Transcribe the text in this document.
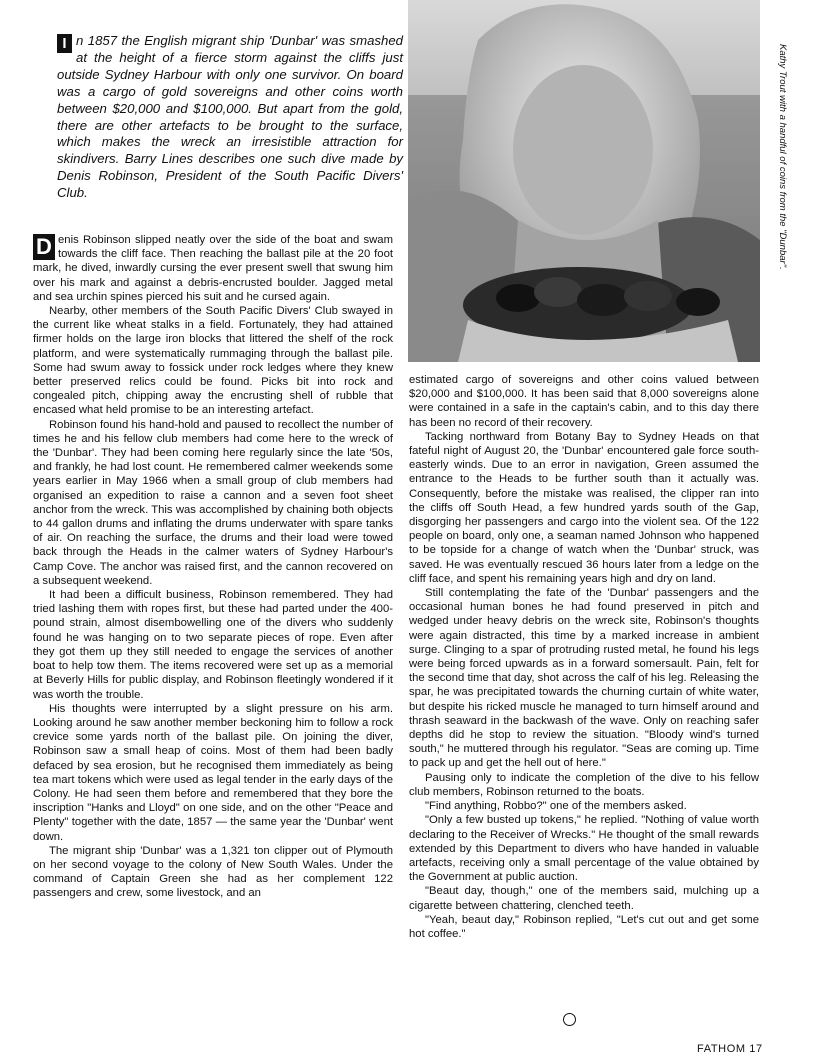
I n 1857 the English migrant ship 'Dunbar' was smashed at the height of a fierce storm against the cliffs just outside Sydney Harbour with only one survivor. On board was a cargo of gold sovereigns and other coins worth between $20,000 and $100,000. But apart from the gold, there are other artefacts to be brought to the surface, which makes the wreck an irresistible attraction for skindivers. Barry Lines describes one such dive made by Denis Robinson, President of the South Pacific Divers' Club.	Kathy Trout with a handful of coins from the "Dunbar".

D enis Robinson slipped neatly over the side of the boat and swam towards the cliff face. Then reaching the ballast pile at the 20 foot mark, he dived, inwardly cursing the ever present swell that swung him over his mark and against a debris-encrusted boulder. Jagged metal and sea urchin spines pierced his suit and he cursed again.

Nearby, other members of the South Pacific Divers' Club swayed in the current like wheat stalks in a field. Fortunately, they had attained firmer holds on the large iron blocks that littered the shelf of the rock platform, and were systematically rummaging through the ballast pile. Some had swum away to fossick under rock ledges where they knew better preserved relics could be found. Picks bit into rock and congealed pitch, chipping away the encrusting shell of rubble that encased what held promise to be an interesting artefact.

Robinson found his hand-hold and paused to recollect the number of times he and his fellow club members had come here to the wreck of the 'Dunbar'. They had been coming here regularly since the late '50s, and frankly, he had lost count. He remembered calmer weekends some years earlier in May 1966 when a small group of club members had organised an expedition to raise a cannon and a seven foot sheet anchor from the wreck. This was accomplished by chaining both objects to 44 gallon drums and inflating the drums underwater with spare tanks of air. On reaching the surface, the drums and their load were towed back through the Heads in the calmer waters of Sydney Harbour's Camp Cove. The anchor was raised first, and the cannon recovered on a subsequent weekend.

It had been a difficult business, Robinson remembered. They had tried lashing them with ropes first, but these had parted under the 400-pound strain, almost disembowelling one of the divers who suddenly found he was hanging on to two separate pieces of rope. Even after they got them up they still needed to engage the services of another boat to help tow them. The items recovered were set up as a memorial at Beverly Hills for public display, and Robinson fleetingly wondered if it was worth the trouble.

His thoughts were interrupted by a slight pressure on his arm. Looking around he saw another member beckoning him to follow a rock crevice some yards north of the ballast pile. On joining the diver, Robinson saw a small heap of coins. Most of them had been badly defaced by sea erosion, but he recognised them immediately as being tea mart tokens which were used as legal tender in the early days of the Colony. He had seen them before and remembered that they bore the inscription "Hanks and Lloyd" on one side, and on the other "Peace and Plenty" together with the date, 1857 — the same year the 'Dunbar' went down.

The migrant ship 'Dunbar' was a 1,321 ton clipper out of Plymouth on her second voyage to the colony of New South Wales. Under the command of Captain Green she had as her complement 122 passengers and crew, some livestock, and an

estimated cargo of sovereigns and other coins valued between $20,000 and $100,000. It has been said that 8,000 sovereigns alone were contained in a safe in the captain's cabin, and to this day there has been no record of their recovery.

Tacking northward from Botany Bay to Sydney Heads on that fateful night of August 20, the 'Dunbar' encountered gale force south-easterly winds. Due to an error in navigation, Green assumed the entrance to the Heads to be further south than it actually was. Consequently, before the mistake was realised, the clipper ran into the cliffs off South Head, a few hundred yards south of the Gap, disgorging her passengers and cargo into the violent sea. Of the 122 people on board, only one, a seaman named Johnson who happened to be topside for a change of watch when the 'Dunbar' struck, was saved. He was eventually rescued 36 hours later from a ledge on the cliff face, and spent his remaining years high and dry on land.

Still contemplating the fate of the 'Dunbar' passengers and the occasional human bones he had found preserved in pitch and wedged under heavy debris on the wreck site, Robinson's thoughts were again distracted, this time by a marked increase in ambient surge. Clinging to a spar of protruding rusted metal, he found his legs were being forced upwards as in a forward somersault. Pain, felt for the second time that day, shot across the calf of his leg. Releasing the spar, he was precipitated towards the churning curtain of white water, but despite his ricked muscle he managed to turn himself around and thrash seaward in the backwash of the wave. Only on reaching safer depths did he stop to review the situation. "Bloody wind's turned south," he muttered through his regulator. "Seas are coming up. Time to pack up and get the hell out of here."

Pausing only to indicate the completion of the dive to his fellow club members, Robinson returned to the boats.

"Find anything, Robbo?" one of the members asked.

"Only a few busted up tokens," he replied. "Nothing of value worth declaring to the Receiver of Wrecks." He thought of the small rewards extended by this Department to divers who have handed in valuable artefacts, receiving only a small percentage of the value obtained by the Government at public auction.

"Beaut day, though," one of the members said, mulching up a cigarette between chattering, clenched teeth.

"Yeah, beaut day," Robinson replied, "Let's cut out and get some hot coffee."

FATHOM 17
